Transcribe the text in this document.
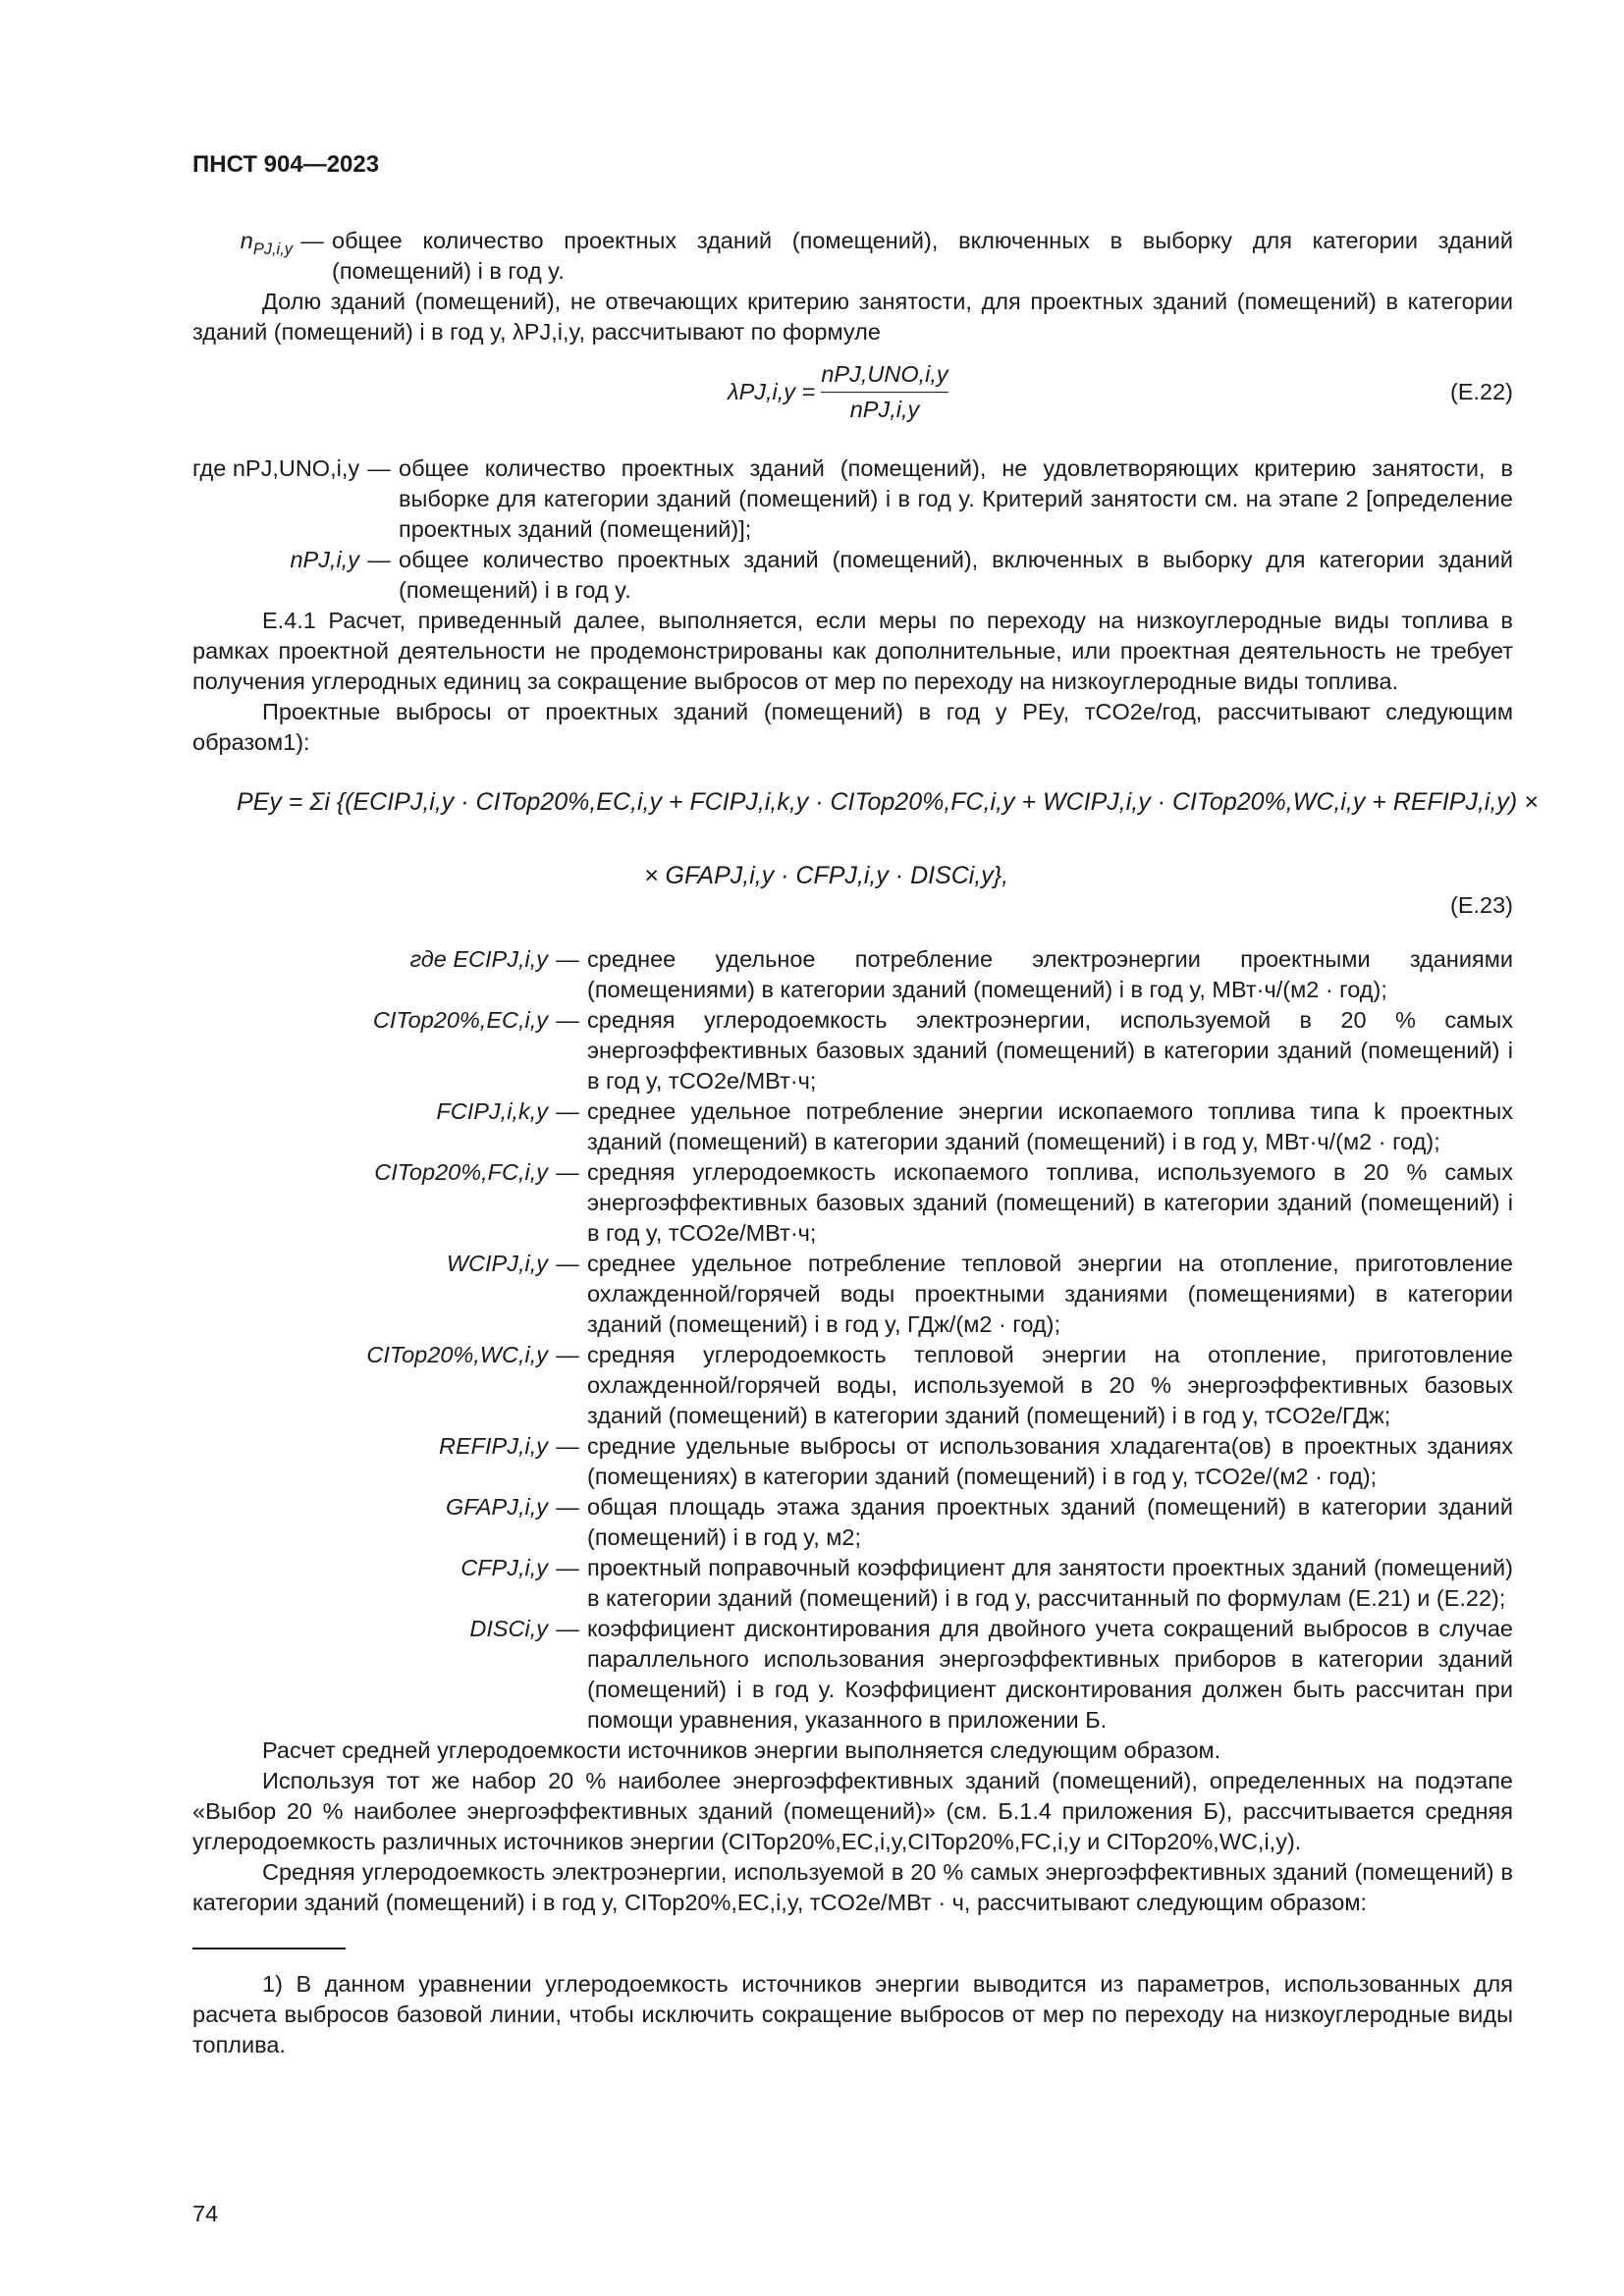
ПНСТ 904—2023
$n_{PJ,i,y}$ — общее количество проектных зданий (помещений), включенных в выборку для категории зданий (помещений) i в год y.

Долю зданий (помещений), не отвечающих критерию занятости, для проектных зданий (помещений) в категории зданий (помещений) i в год y, λPJ,i,y, рассчитывают по формуле

λPJ,i,y =
nPJ,UNO,i,y
nPJ,i,y
(Е.22)
где nPJ,UNO,i,y — общее количество проектных зданий (помещений), не удовлетворяющих критерию занятости, в выборке для категории зданий (помещений) i в год y. Критерий занятости см. на этапе 2 [определение проектных зданий (помещений)];
nPJ,i,y — общее количество проектных зданий (помещений), включенных в выборку для категории зданий (помещений) i в год y.

Е.4.1 Расчет, приведенный далее, выполняется, если меры по переходу на низкоуглеродные виды топлива в рамках проектной деятельности не продемонстрированы как дополнительные, или проектная деятельность не требует получения углеродных единиц за сокращение выбросов от мер по переходу на низкоуглеродные виды топлива.

Проектные выбросы от проектных зданий (помещений) в год y PEy, тCO2e/год, рассчитывают следующим образом1):

PEy = Σi {(ECIPJ,i,y · CITop20%,EC,i,y + FCIPJ,i,k,y · CITop20%,FC,i,y + WCIPJ,i,y · CITop20%,WC,i,y + REFIPJ,i,y) ×
× GFAPJ,i,y · CFPJ,i,y · DISCi,y},
(Е.23)
где ECIPJ,i,y — среднее удельное потребление электроэнергии проектными зданиями (помещениями) в категории зданий (помещений) i в год y, МВт·ч/(м2 · год);
CITop20%,EC,i,y — средняя углеродоемкость электроэнергии, используемой в 20 % самых энергоэффективных базовых зданий (помещений) в категории зданий (помещений) i в год y, тCO2e/МВт·ч;
FCIPJ,i,k,y — среднее удельное потребление энергии ископаемого топлива типа k проектных зданий (помещений) в категории зданий (помещений) i в год y, МВт·ч/(м2 · год);
CITop20%,FC,i,y — средняя углеродоемкость ископаемого топлива, используемого в 20 % самых энергоэффективных базовых зданий (помещений) в категории зданий (помещений) i в год y, тCO2e/МВт·ч;
WCIPJ,i,y — среднее удельное потребление тепловой энергии на отопление, приготовление охлажденной/горячей воды проектными зданиями (помещениями) в категории зданий (помещений) i в год y, ГДж/(м2 · год);
CITop20%,WC,i,y — средняя углеродоемкость тепловой энергии на отопление, приготовление охлажденной/горячей воды, используемой в 20 % энергоэффективных базовых зданий (помещений) в категории зданий (помещений) i в год y, тCO2e/ГДж;
REFIPJ,i,y — средние удельные выбросы от использования хладагента(ов) в проектных зданиях (помещениях) в категории зданий (помещений) i в год y, тCO2e/(м2 · год);
GFAPJ,i,y — общая площадь этажа здания проектных зданий (помещений) в категории зданий (помещений) i в год y, м2;
CFPJ,i,y — проектный поправочный коэффициент для занятости проектных зданий (помещений) в категории зданий (помещений) i в год y, рассчитанный по формулам (Е.21) и (Е.22);
DISCi,y — коэффициент дисконтирования для двойного учета сокращений выбросов в случае параллельного использования энергоэффективных приборов в категории зданий (помещений) i в год y. Коэффициент дисконтирования должен быть рассчитан при помощи уравнения, указанного в приложении Б.

Расчет средней углеродоемкости источников энергии выполняется следующим образом.

Используя тот же набор 20 % наиболее энергоэффективных зданий (помещений), определенных на подэтапе «Выбор 20 % наиболее энергоэффективных зданий (помещений)» (см. Б.1.4 приложения Б), рассчитывается средняя углеродоемкость различных источников энергии (CITop20%,EC,i,y,CITop20%,FC,i,y и CITop20%,WC,i,y).

Средняя углеродоемкость электроэнергии, используемой в 20 % самых энергоэффективных зданий (помещений) в категории зданий (помещений) i в год y, CITop20%,EC,i,y, тCO2e/МВт · ч, рассчитывают следующим образом:

1) В данном уравнении углеродоемкость источников энергии выводится из параметров, использованных для расчета выбросов базовой линии, чтобы исключить сокращение выбросов от мер по переходу на низкоуглеродные виды топлива.

74
